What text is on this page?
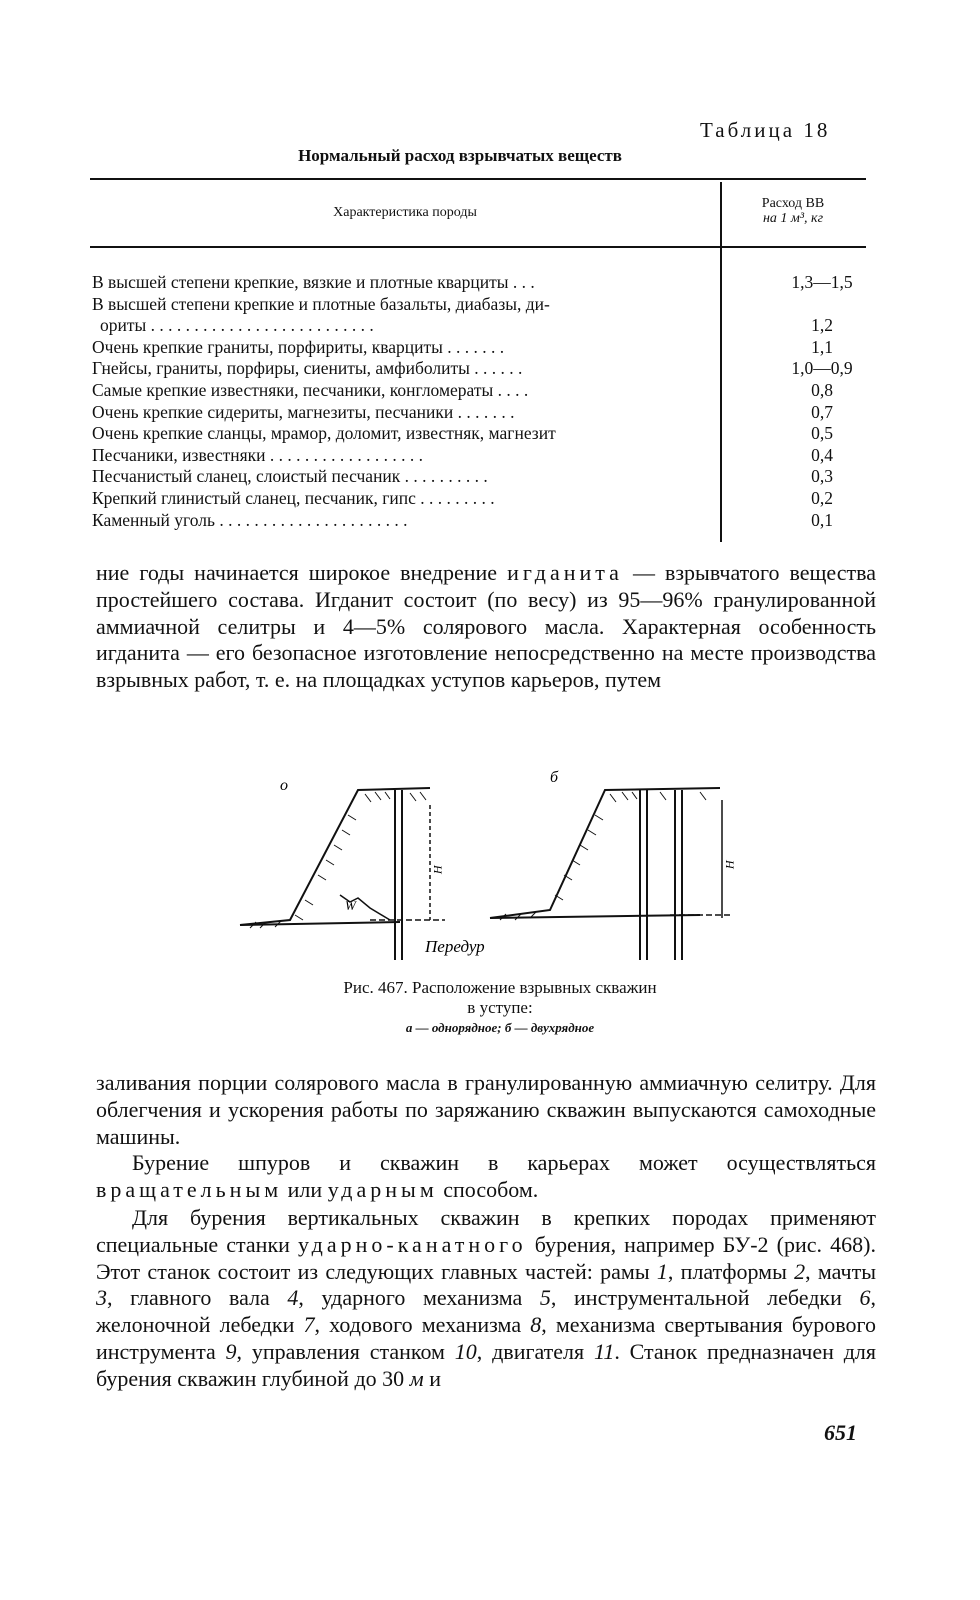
Таблица 18
Нормальный расход взрывчатых веществ
Характеристика породы
Расход ВВ
на 1 м³, кг
В высшей степени крепкие, вязкие и плотные кварциты . . .	1,3—1,5
В высшей степени крепкие и плотные базальты, диабазы, ди-
ориты . . . . . . . . . . . . . . . . . . . . . . . . . .	1,2
Очень крепкие граниты, порфириты, кварциты . . . . . . .	1,1
Гнейсы, граниты, порфиры, сиениты, амфиболиты . . . . . .	1,0—0,9
Самые крепкие известняки, песчаники, конгломераты . . . .	0,8
Очень крепкие сидериты, магнезиты, песчаники . . . . . . .	0,7
Очень крепкие сланцы, мрамор, доломит, известняк, магнезит	0,5
Песчаники, известняки . . . . . . . . . . . . . . . . . .	0,4
Песчанистый сланец, слоистый песчаник . . . . . . . . . .	0,3
Крепкий глинистый сланец, песчаник, гипс . . . . . . . . .	0,2
Каменный уголь . . . . . . . . . . . . . . . . . . . . . .	0,1

ние годы начинается широкое внедрение игданита — взрывчатого вещества простейшего состава. Игданит состоит (по весу) из 95—96% гранулированной аммиачной селитры и 4—5% солярового масла. Характерная особенность игданита — его безопасное изготовление непосредственно на месте производства взрывных работ, т. е. на площадках уступов карьеров, путем

о	б
Н
Н
W
Передур
Рис. 467. Расположение взрывных скважин
в уступе:
а — однорядное; б — двухрядное

заливания порции солярового масла в гранулированную аммиачную селитру. Для облегчения и ускорения работы по заряжанию скважин выпускаются самоходные машины.

Бурение шпуров и скважин в карьерах может осуществляться вращательным или ударным способом.

Для бурения вертикальных скважин в крепких породах применяют специальные станки ударно-канатного бурения, например БУ-2 (рис. 468). Этот станок состоит из следующих главных частей: рамы 1, платформы 2, мачты 3, главного вала 4, ударного механизма 5, инструментальной лебедки 6, желоночной лебедки 7, ходового механизма 8, механизма свертывания бурового инструмента 9, управления станком 10, двигателя 11. Станок предназначен для бурения скважин глубиной до 30 м и

651
